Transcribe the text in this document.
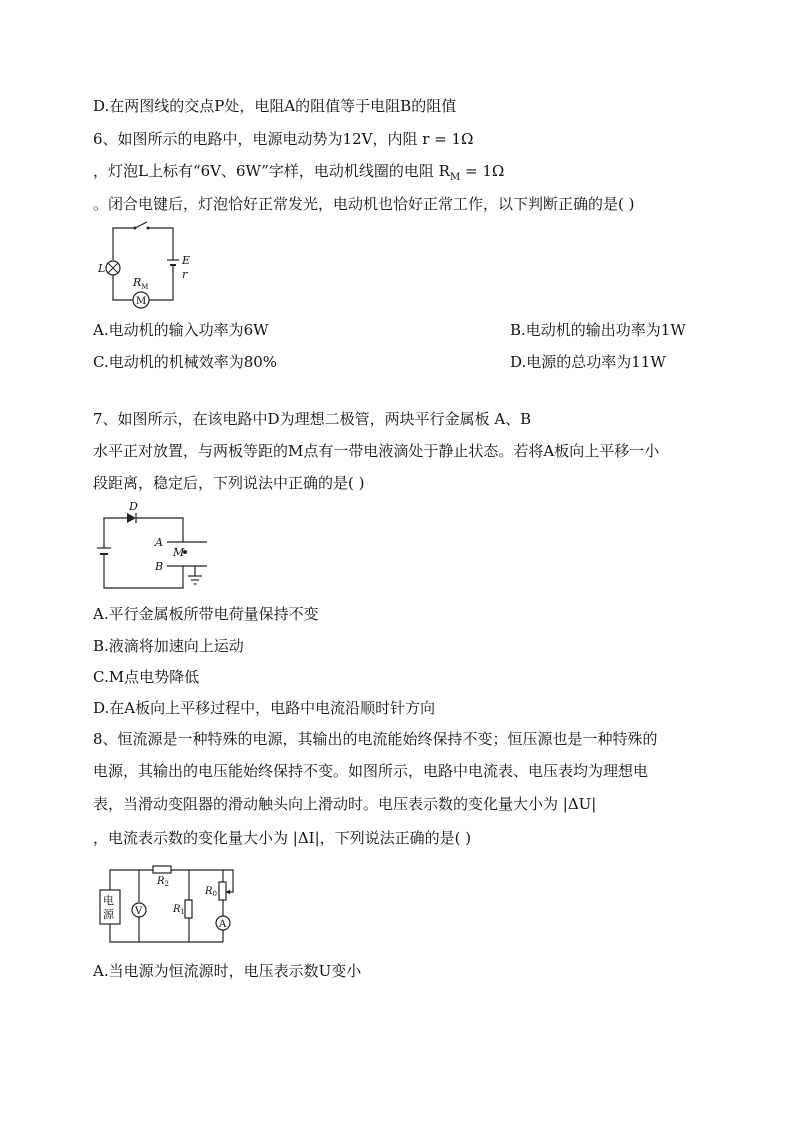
D.在两图线的交点P处，电阻A的阻值等于电阻B的阻值
6、如图所示的电路中，电源电动势为12V，内阻 r = 1Ω
，灯泡L上标有“6V、6W”字样，电动机线圈的电阻 $R_M = 1\Omega$
。闭合电键后，灯泡恰好正常发光，电动机也恰好正常工作，以下判断正确的是( )
M
L
E
r
$R_M$
A.电动机的输入功率为6W	B.电动机的输出功率为1W
C.电动机的机械效率为80%	D.电源的总功率为11W
7、如图所示，在该电路中D为理想二极管，两块平行金属板 A、B
水平正对放置，与两板等距的M点有一带电液滴处于静止状态。若将A板向上平移一小
段距离，稳定后，下列说法中正确的是( )
D
A
B
M
A.平行金属板所带电荷量保持不变
B.液滴将加速向上运动
C.M点电势降低
D.在A板向上平移过程中，电路中电流沿顺时针方向
8、恒流源是一种特殊的电源，其输出的电流能始终保持不变；恒压源也是一种特殊的
电源，其输出的电压能始终保持不变。如图所示，电路中电流表、电压表均为理想电
表，当滑动变阻器的滑动触头向上滑动时。电压表示数的变化量大小为 |ΔU|
，电流表示数的变化量大小为 |ΔI|，下列说法正确的是( )
电
源
$R_2$
V	$R_1$
$R_0$
A
A.当电源为恒流源时，电压表示数U变小
